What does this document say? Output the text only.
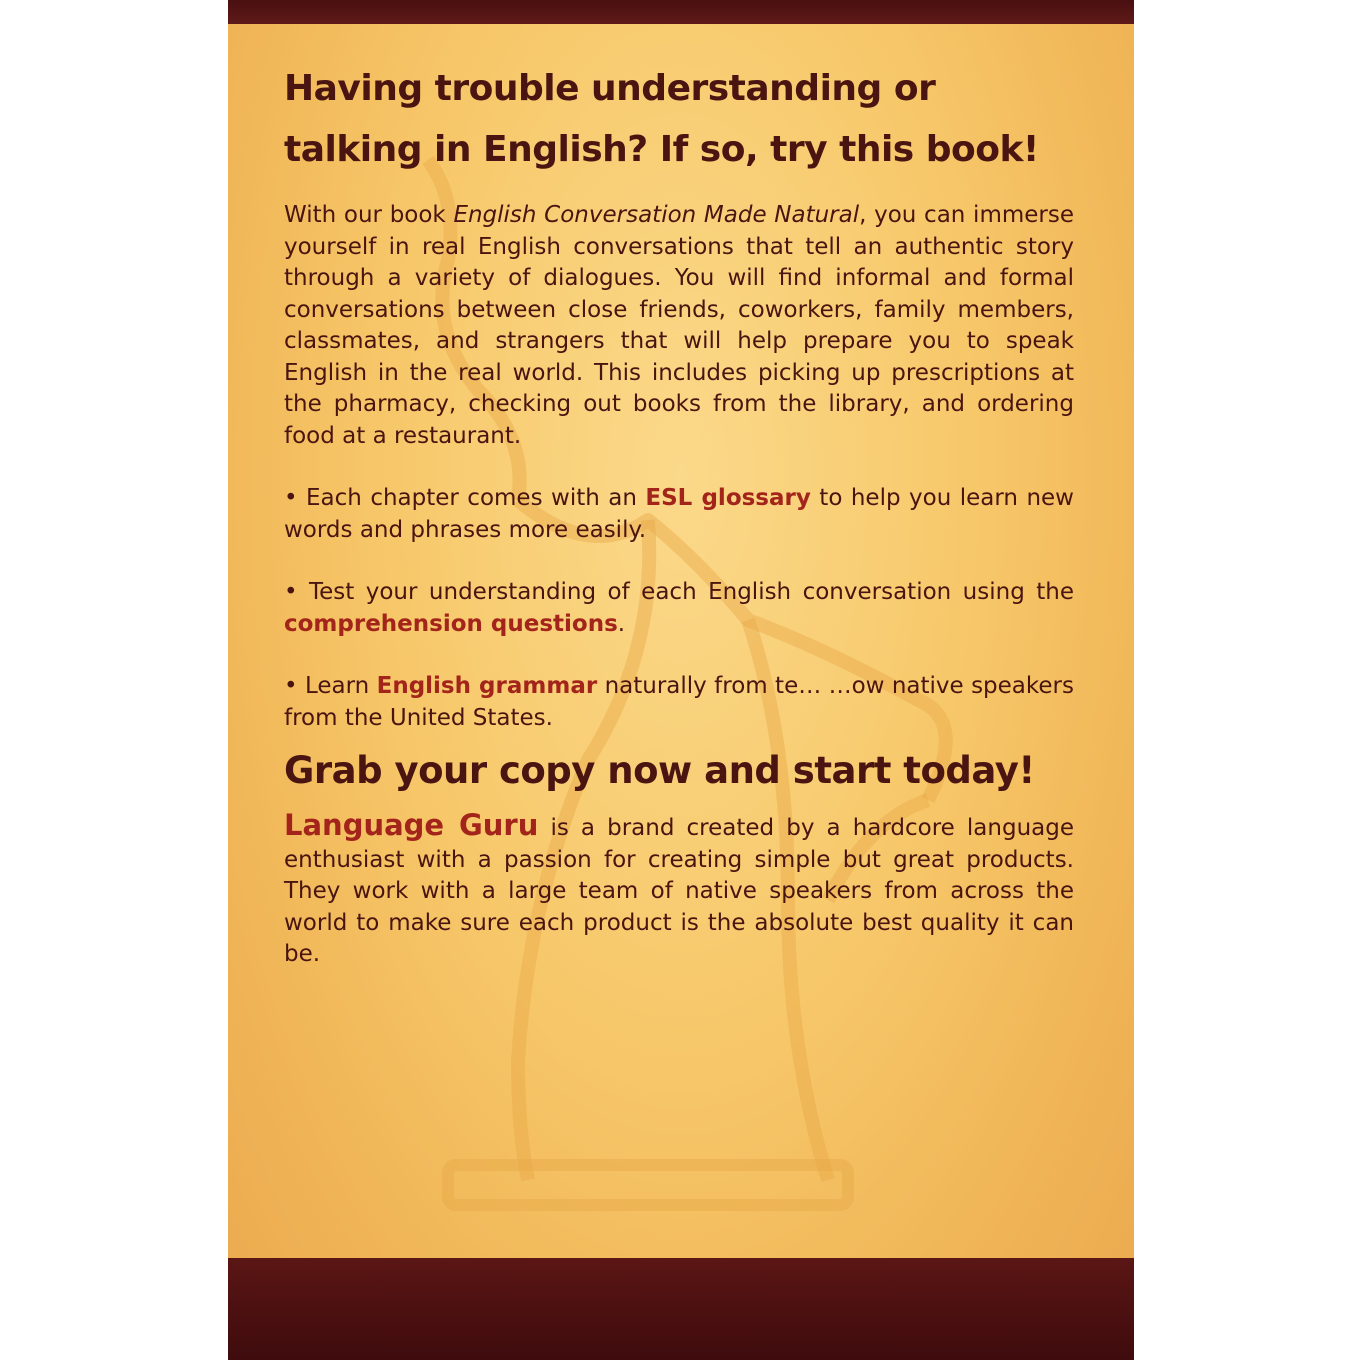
Having trouble understanding or talking in English? If so, try this book!

With our book English Conversation Made Natural, you can immerse yourself in real English conversations that tell an authentic story through a variety of dialogues. You will find informal and formal conversations between close friends, coworkers, family members, classmates, and strangers that will help prepare you to speak English in the real world. This includes picking up prescriptions at the pharmacy, checking out books from the library, and ordering food at a restaurant.

• Each chapter comes with an ESL glossary to help you learn new words and phrases more easily.

• Test your understanding of each English conversation using the comprehension questions.

• Learn English grammar naturally from te… …ow native speakers from the United States.

Grab your copy now and start today!

Language Guru is a brand created by a hardcore language enthusiast with a passion for creating simple but great products. They work with a large team of native speakers from across the world to make sure each product is the absolute best quality it can be.
